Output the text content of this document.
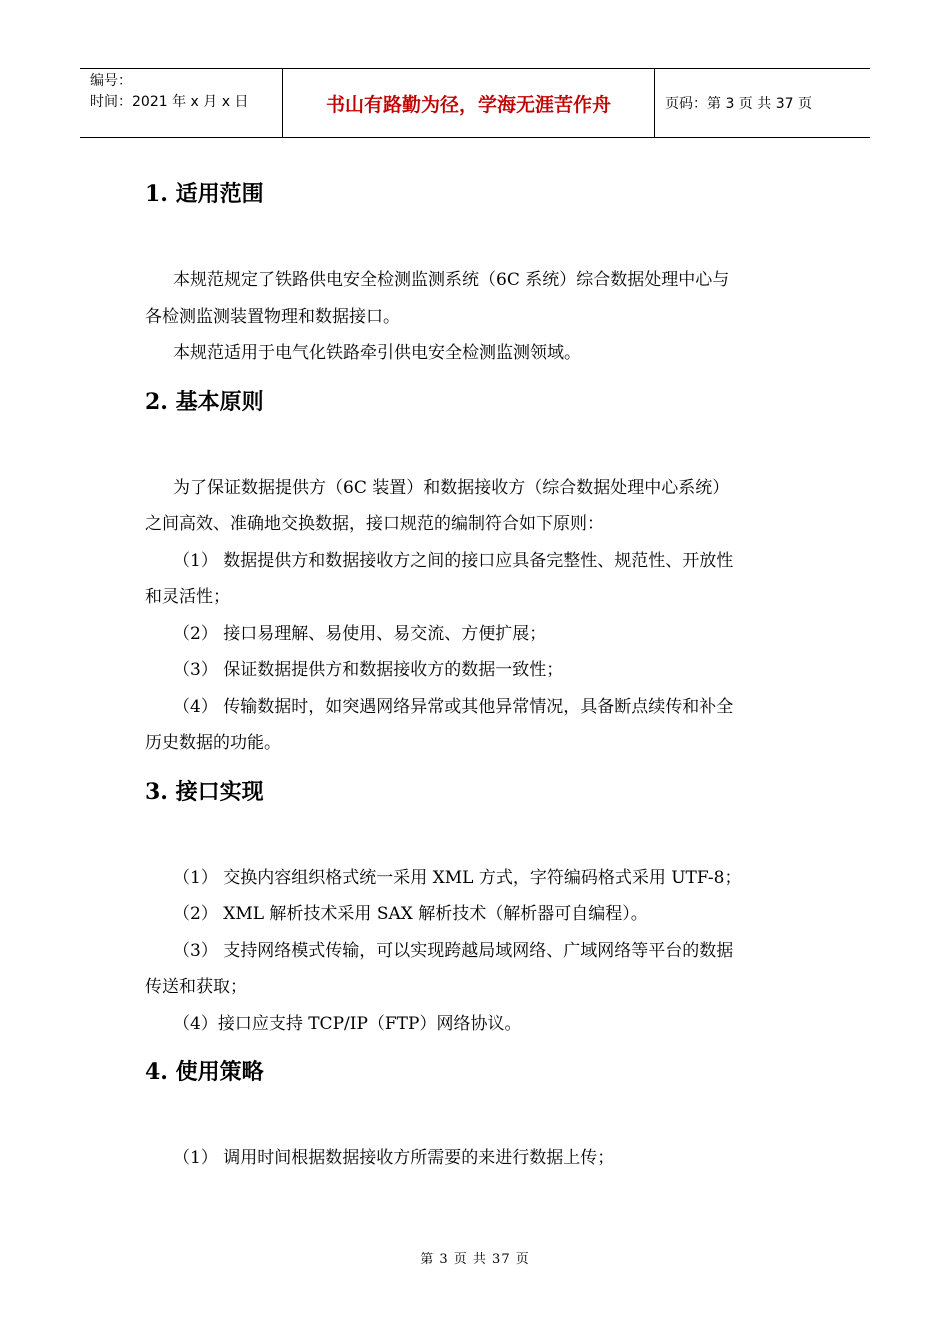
编号：
时间：2021 年 x 月 x 日	书山有路勤为径，学海无涯苦作舟	页码：第 3 页 共 37 页
1. 适用范围

本规范规定了铁路供电安全检测监测系统（6C 系统）综合数据处理中心与

各检测监测装置物理和数据接口。

本规范适用于电气化铁路牵引供电安全检测监测领域。

2. 基本原则

为了保证数据提供方（6C 装置）和数据接收方（综合数据处理中心系统）

之间高效、准确地交换数据，接口规范的编制符合如下原则：

（1） 数据提供方和数据接收方之间的接口应具备完整性、规范性、开放性

和灵活性；

（2） 接口易理解、易使用、易交流、方便扩展；

（3） 保证数据提供方和数据接收方的数据一致性；

（4） 传输数据时，如突遇网络异常或其他异常情况，具备断点续传和补全

历史数据的功能。

3. 接口实现

（1） 交换内容组织格式统一采用 XML 方式，字符编码格式采用 UTF-8；

（2） XML 解析技术采用 SAX 解析技术（解析器可自编程）。

（3） 支持网络模式传输，可以实现跨越局域网络、广域网络等平台的数据

传送和获取；

（4）接口应支持 TCP/IP（FTP）网络协议。

4. 使用策略

（1） 调用时间根据数据接收方所需要的来进行数据上传；

第 3 页 共 37 页
